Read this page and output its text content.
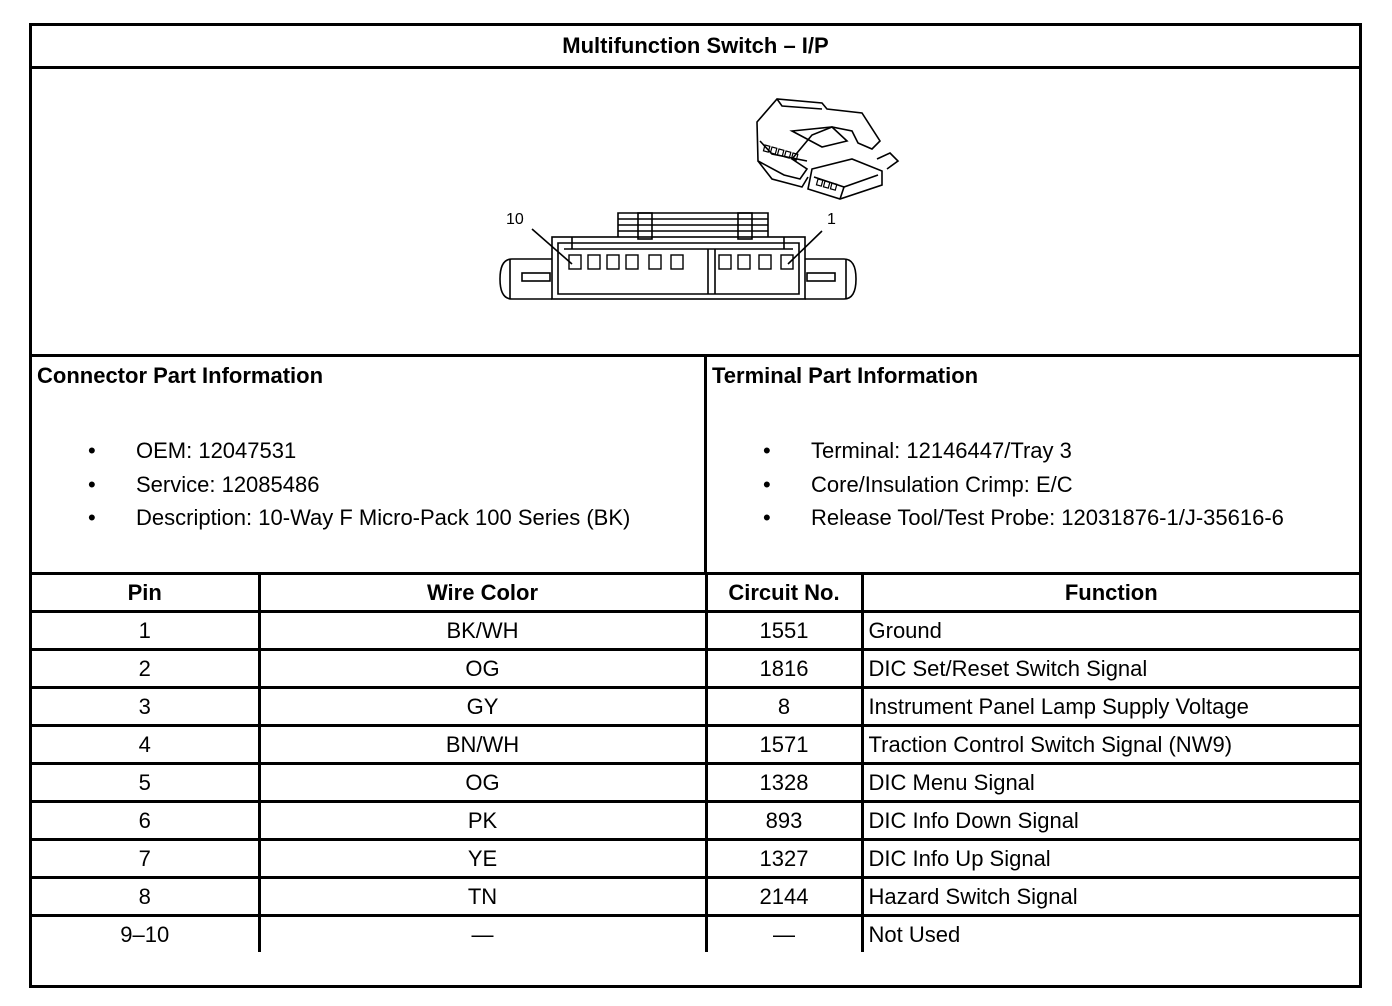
Multifunction Switch – I/P
10	1
Connector Part Information
• OEM: 12047531
• Service: 12085486
• Description: 10-Way F Micro-Pack 100 Series (BK)
Terminal Part Information
• Terminal: 12146447/Tray 3
• Core/Insulation Crimp: E/C
• Release Tool/Test Probe: 12031876-1/J-35616-6
Pin	Wire Color	Circuit No.	Function
1	BK/WH	1551	Ground
2	OG	1816	DIC Set/Reset Switch Signal
3	GY	8	Instrument Panel Lamp Supply Voltage
4	BN/WH	1571	Traction Control Switch Signal (NW9)
5	OG	1328	DIC Menu Signal
6	PK	893	DIC Info Down Signal
7	YE	1327	DIC Info Up Signal
8	TN	2144	Hazard Switch Signal
9–10	—	—	Not Used
